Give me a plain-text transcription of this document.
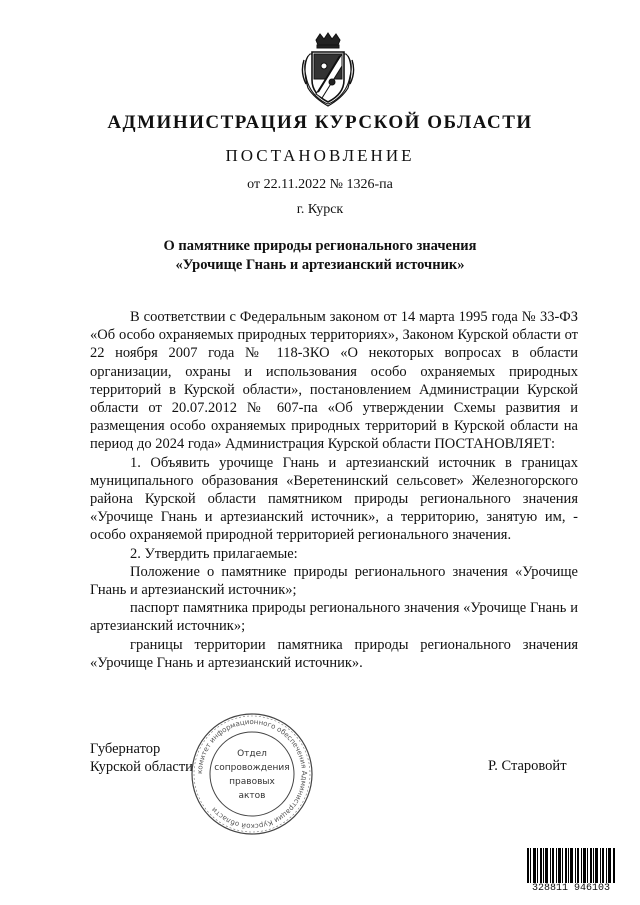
АДМИНИСТРАЦИЯ КУРСКОЙ ОБЛАСТИ
ПОСТАНОВЛЕНИЕ
от 22.11.2022 № 1326-па
г. Курск
О памятнике природы регионального значения
«Урочище Гнань и артезианский источник»

В соответствии с Федеральным законом от 14 марта 1995 года № 33-ФЗ «Об особо охраняемых природных территориях», Законом Курской области от 22 ноября 2007 года № 118-ЗКО «О некоторых вопросах в области организации, охраны и использования особо охраняемых природных территорий в Курской области», постановлением Администрации Курской области от 20.07.2012 № 607-па «Об утверждении Схемы развития и размещения особо охраняемых природных территорий в Курской области на период до 2024 года» Администрация Курской области ПОСТАНОВЛЯЕТ:

1. Объявить урочище Гнань и артезианский источник в границах муниципального образования «Веретенинский сельсовет» Железногорского района Курской области памятником природы регионального значения «Урочище Гнань и артезианский источник», а территорию, занятую им, - особо охраняемой природной территорией регионального значения.

2. Утвердить прилагаемые:

Положение о памятнике природы регионального значения «Урочище Гнань и артезианский источник»;

паспорт памятника природы регионального значения «Урочище Гнань и артезианский источник»;

границы территории памятника природы регионального значения «Урочище Гнань и артезианский источник».

Губернатор
Курской области	Р. Старовойт
комитет информационного обеспечения Администрации Курской области
Отдел
сопровождения
правовых
актов
328811 946103
